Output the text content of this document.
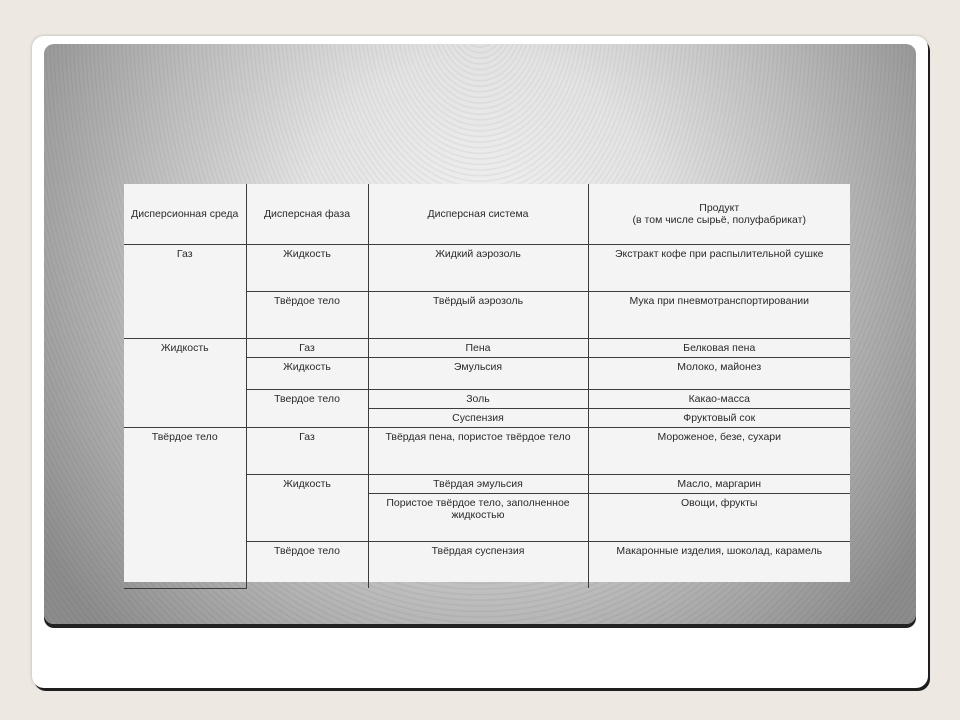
Дисперсионная среда	Дисперсная фаза	Дисперсная система	Продукт
(в том числе сырьё, полуфабрикат)
Газ	Жидкость	Жидкий аэрозоль	Экстракт кофе при распылительной сушке
	Твёрдое тело	Твёрдый аэрозоль	Мука при пневмотранспортировании
Жидкость	Газ	Пена	Белковая пена
	Жидкость	Эмульсия	Молоко, майонез
	Твердое тело	Золь	Какао-масса
		Суспензия	Фруктовый сок
Твёрдое тело	Газ	Твёрдая пена, пористое твёрдое тело	Мороженое, безе, сухари
	Жидкость	Твёрдая эмульсия	Масло, маргарин
		Пористое твёрдое тело, заполненное жидкостью	Овощи, фрукты
	Твёрдое тело	Твёрдая суспензия	Макаронные изделия, шоколад, карамель
